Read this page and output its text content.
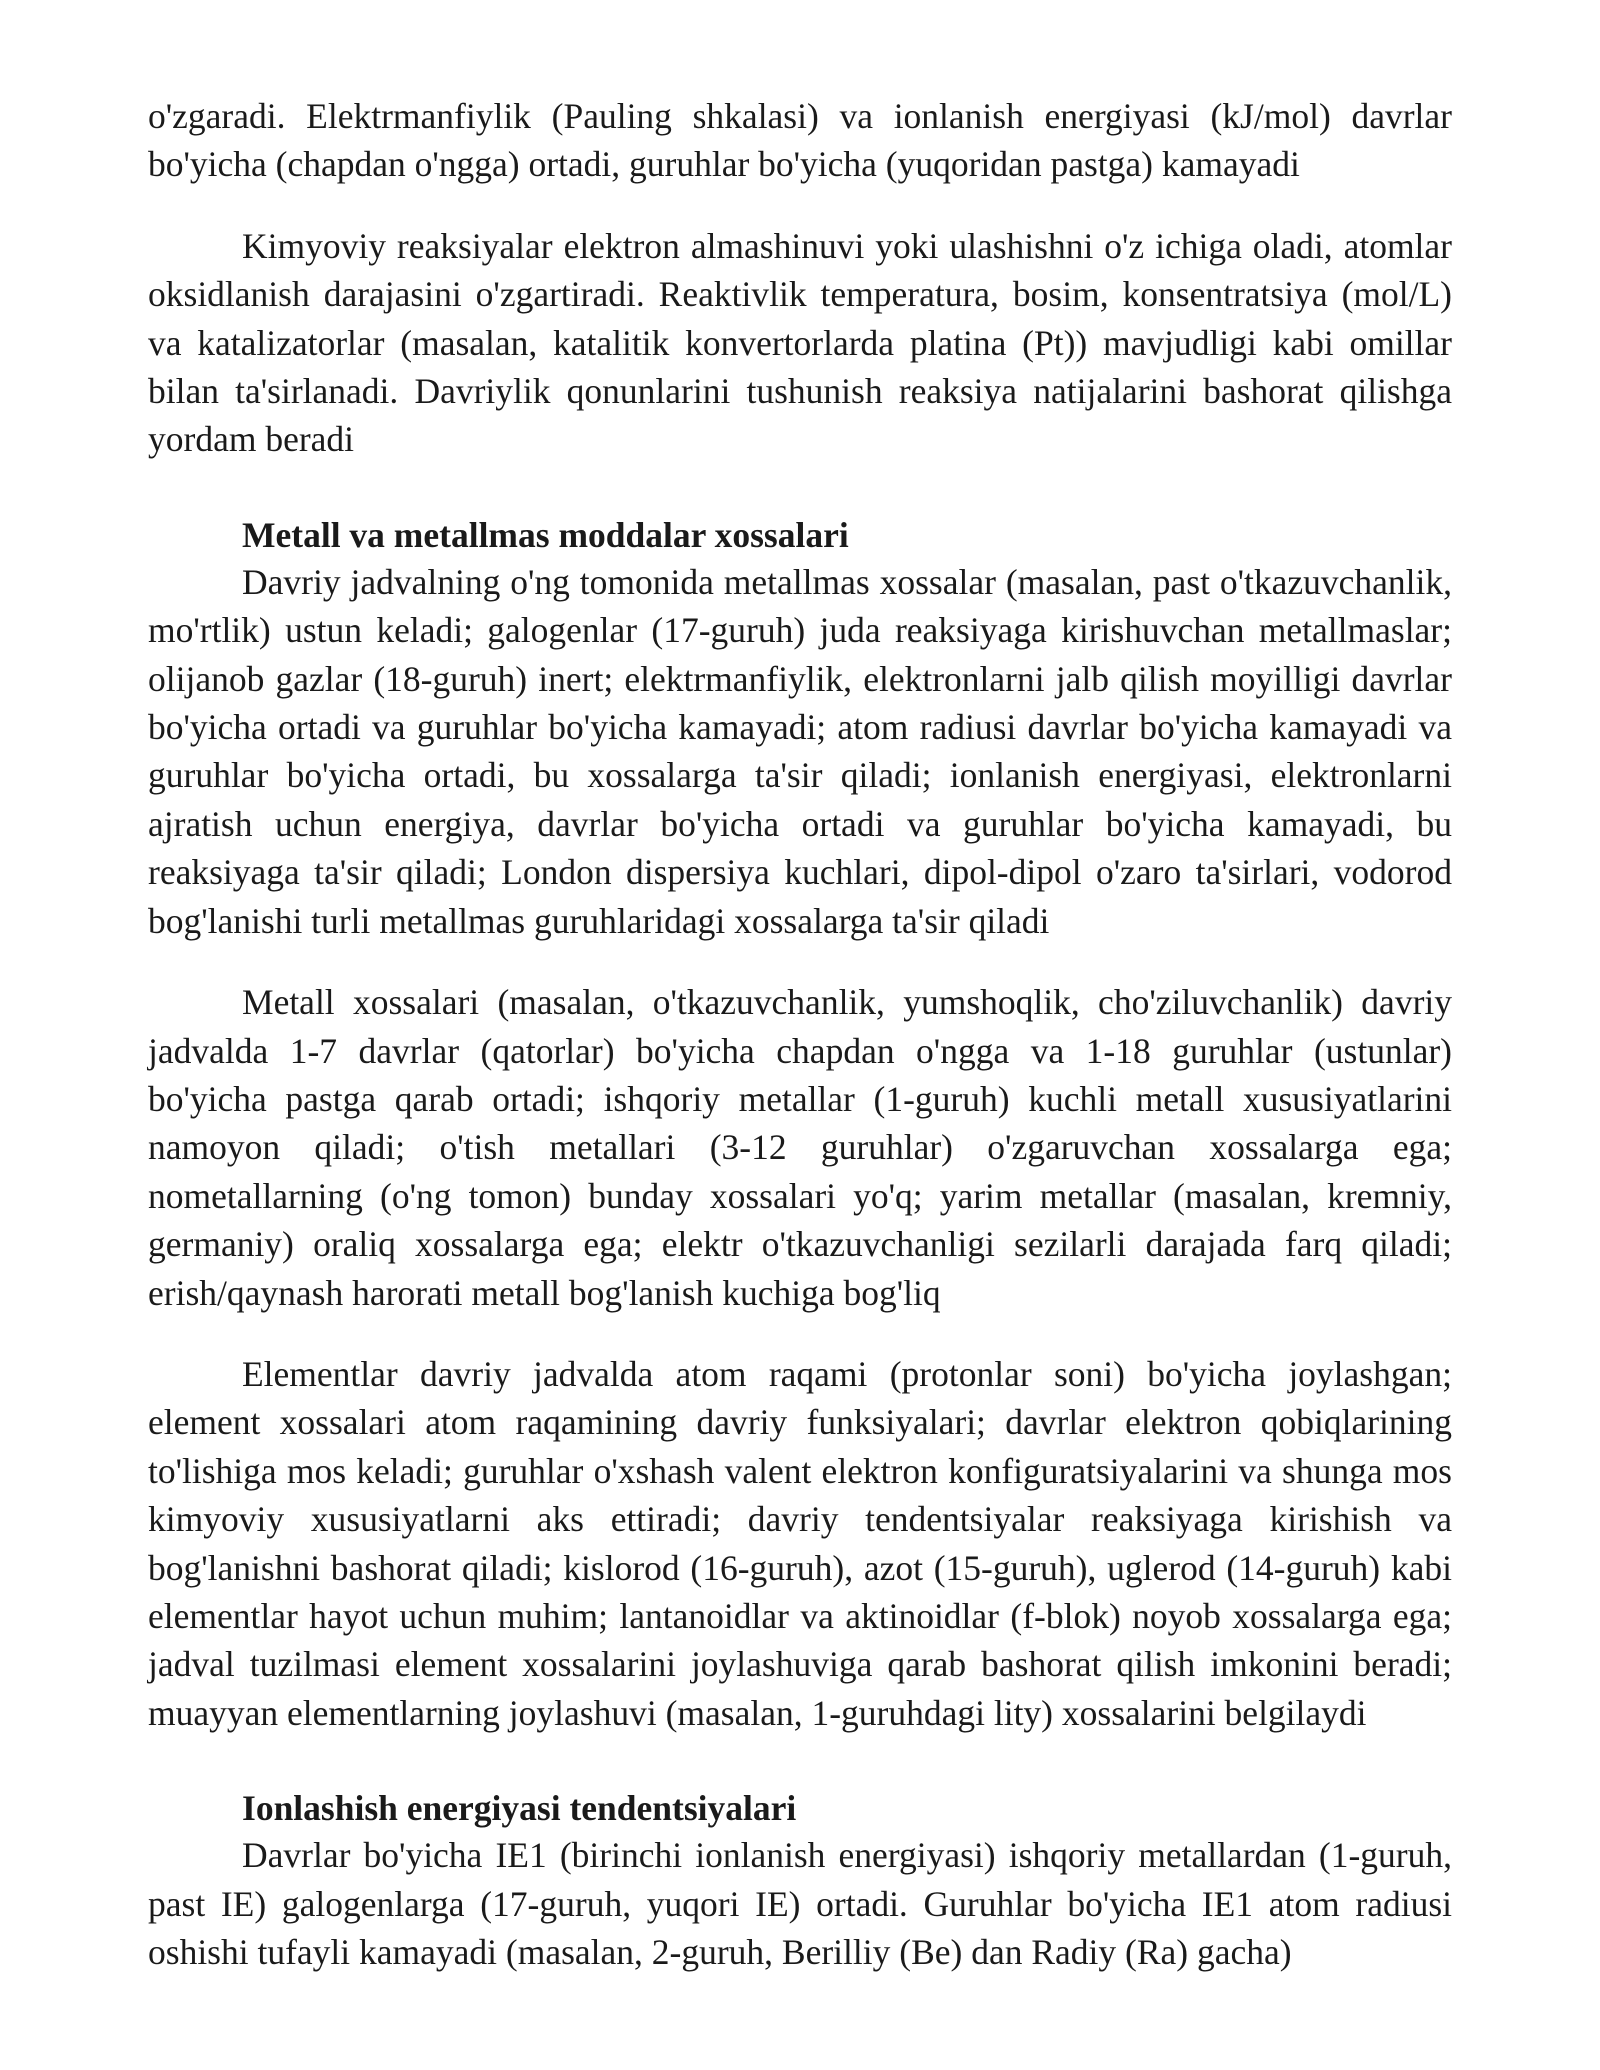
o'zgaradi. Elektrmanfiylik (Pauling shkalasi) va ionlanish energiyasi (kJ/mol) davrlar bo'yicha (chapdan o'ngga) ortadi, guruhlar bo'yicha (yuqoridan pastga) kamayadi

Kimyoviy reaksiyalar elektron almashinuvi yoki ulashishni o'z ichiga oladi, atomlar oksidlanish darajasini o'zgartiradi. Reaktivlik temperatura, bosim, konsentratsiya (mol/L) va katalizatorlar (masalan, katalitik konvertorlarda platina (Pt)) mavjudligi kabi omillar bilan ta'sirlanadi. Davriylik qonunlarini tushunish reaksiya natijalarini bashorat qilishga yordam beradi

Metall va metallmas moddalar xossalari

Davriy jadvalning o'ng tomonida metallmas xossalar (masalan, past o'tkazuvchanlik, mo'rtlik) ustun keladi; galogenlar (17-guruh) juda reaksiyaga kirishuvchan metallmaslar; olijanob gazlar (18-guruh) inert; elektrmanfiylik, elektronlarni jalb qilish moyilligi davrlar bo'yicha ortadi va guruhlar bo'yicha kamayadi; atom radiusi davrlar bo'yicha kamayadi va guruhlar bo'yicha ortadi, bu xossalarga ta'sir qiladi; ionlanish energiyasi, elektronlarni ajratish uchun energiya, davrlar bo'yicha ortadi va guruhlar bo'yicha kamayadi, bu reaksiyaga ta'sir qiladi; London dispersiya kuchlari, dipol-dipol o'zaro ta'sirlari, vodorod bog'lanishi turli metallmas guruhlaridagi xossalarga ta'sir qiladi

Metall xossalari (masalan, o'tkazuvchanlik, yumshoqlik, cho'ziluvchanlik) davriy jadvalda 1-7 davrlar (qatorlar) bo'yicha chapdan o'ngga va 1-18 guruhlar (ustunlar) bo'yicha pastga qarab ortadi; ishqoriy metallar (1-guruh) kuchli metall xususiyatlarini namoyon qiladi; o'tish metallari (3-12 guruhlar) o'zgaruvchan xossalarga ega; nometallarning (o'ng tomon) bunday xossalari yo'q; yarim metallar (masalan, kremniy, germaniy) oraliq xossalarga ega; elektr o'tkazuvchanligi sezilarli darajada farq qiladi; erish/qaynash harorati metall bog'lanish kuchiga bog'liq

Elementlar davriy jadvalda atom raqami (protonlar soni) bo'yicha joylashgan; element xossalari atom raqamining davriy funksiyalari; davrlar elektron qobiqlarining to'lishiga mos keladi; guruhlar o'xshash valent elektron konfiguratsiyalarini va shunga mos kimyoviy xususiyatlarni aks ettiradi; davriy tendentsiyalar reaksiyaga kirishish va bog'lanishni bashorat qiladi; kislorod (16-guruh), azot (15-guruh), uglerod (14-guruh) kabi elementlar hayot uchun muhim; lantanoidlar va aktinoidlar (f-blok) noyob xossalarga ega; jadval tuzilmasi element xossalarini joylashuviga qarab bashorat qilish imkonini beradi; muayyan elementlarning joylashuvi (masalan, 1-guruhdagi lity) xossalarini belgilaydi

Ionlashish energiyasi tendentsiyalari

Davrlar bo'yicha IE1 (birinchi ionlanish energiyasi) ishqoriy metallardan (1-guruh, past IE) galogenlarga (17-guruh, yuqori IE) ortadi. Guruhlar bo'yicha IE1 atom radiusi oshishi tufayli kamayadi (masalan, 2-guruh, Berilliy (Be) dan Radiy (Ra) gacha)
